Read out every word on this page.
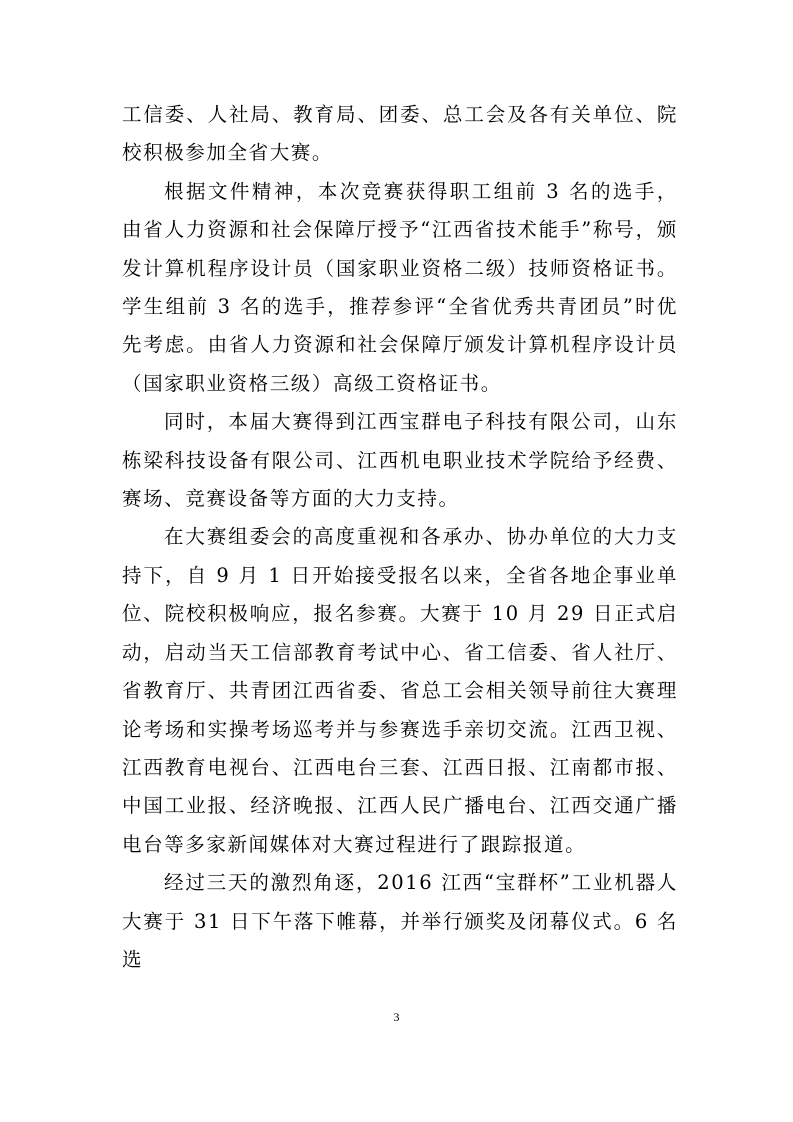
工信委、人社局、教育局、团委、总工会及各有关单位、院校积极参加全省大赛。

根据文件精神，本次竞赛获得职工组前 3 名的选手，由省人力资源和社会保障厅授予“江西省技术能手”称号，颁发计算机程序设计员（国家职业资格二级）技师资格证书。学生组前 3 名的选手，推荐参评“全省优秀共青团员”时优先考虑。由省人力资源和社会保障厅颁发计算机程序设计员（国家职业资格三级）高级工资格证书。

同时，本届大赛得到江西宝群电子科技有限公司，山东栋梁科技设备有限公司、江西机电职业技术学院给予经费、赛场、竞赛设备等方面的大力支持。

在大赛组委会的高度重视和各承办、协办单位的大力支持下，自 9 月 1 日开始接受报名以来，全省各地企事业单位、院校积极响应，报名参赛。大赛于 10 月 29 日正式启动，启动当天工信部教育考试中心、省工信委、省人社厅、省教育厅、共青团江西省委、省总工会相关领导前往大赛理论考场和实操考场巡考并与参赛选手亲切交流。江西卫视、江西教育电视台、江西电台三套、江西日报、江南都市报、中国工业报、经济晚报、江西人民广播电台、江西交通广播电台等多家新闻媒体对大赛过程进行了跟踪报道。

经过三天的激烈角逐，2016 江西“宝群杯”工业机器人大赛于 31 日下午落下帷幕，并举行颁奖及闭幕仪式。6 名选

3
